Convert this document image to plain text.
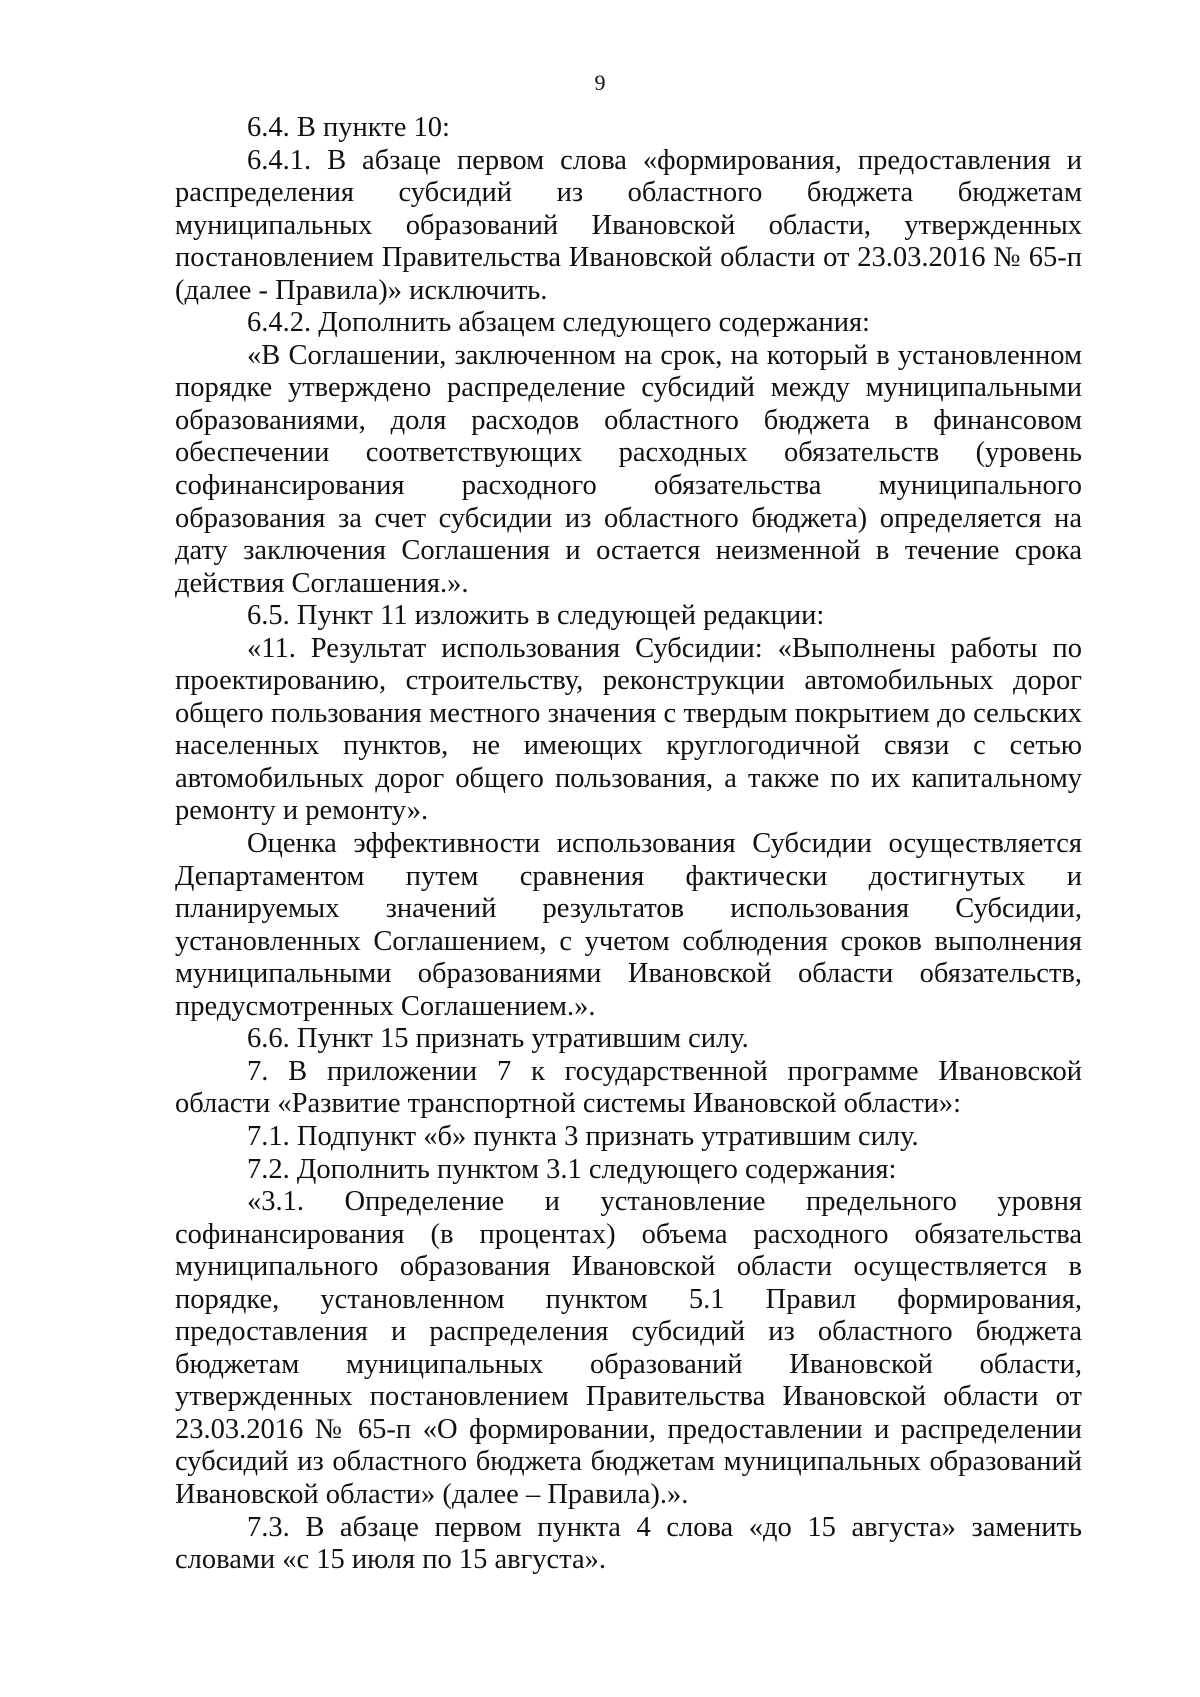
9

6.4. В пункте 10:

6.4.1. В абзаце первом слова «формирования, предоставления и распределения субсидий из областного бюджета бюджетам муниципальных образований Ивановской области, утвержденных постановлением Правительства Ивановской области от 23.03.2016 № 65-п (далее - Правила)» исключить.

6.4.2. Дополнить абзацем следующего содержания:

«В Соглашении, заключенном на срок, на который в установленном порядке утверждено распределение субсидий между муниципальными образованиями, доля расходов областного бюджета в финансовом обеспечении соответствующих расходных обязательств (уровень софинансирования расходного обязательства муниципального образования за счет субсидии из областного бюджета) определяется на дату заключения Соглашения и остается неизменной в течение срока действия Соглашения.».

6.5. Пункт 11 изложить в следующей редакции:

«11. Результат использования Субсидии: «Выполнены работы по проектированию, строительству, реконструкции автомобильных дорог общего пользования местного значения с твердым покрытием до сельских населенных пунктов, не имеющих круглогодичной связи с сетью автомобильных дорог общего пользования, а также по их капитальному ремонту и ремонту».

Оценка эффективности использования Субсидии осуществляется Департаментом путем сравнения фактически достигнутых и планируемых значений результатов использования Субсидии, установленных Соглашением, с учетом соблюдения сроков выполнения муниципальными образованиями Ивановской области обязательств, предусмотренных Соглашением.».

6.6. Пункт 15 признать утратившим силу.

7. В приложении 7 к государственной программе Ивановской области «Развитие транспортной системы Ивановской области»:

7.1. Подпункт «б» пункта 3 признать утратившим силу.

7.2. Дополнить пунктом 3.1 следующего содержания:

«3.1. Определение и установление предельного уровня софинансирования (в процентах) объема расходного обязательства муниципального образования Ивановской области осуществляется в порядке, установленном пунктом 5.1 Правил формирования, предоставления и распределения субсидий из областного бюджета бюджетам муниципальных образований Ивановской области, утвержденных постановлением Правительства Ивановской области от 23.03.2016 № 65-п «О формировании, предоставлении и распределении субсидий из областного бюджета бюджетам муниципальных образований Ивановской области» (далее – Правила).».

7.3. В абзаце первом пункта 4 слова «до 15 августа» заменить словами «с 15 июля по 15 августа».
